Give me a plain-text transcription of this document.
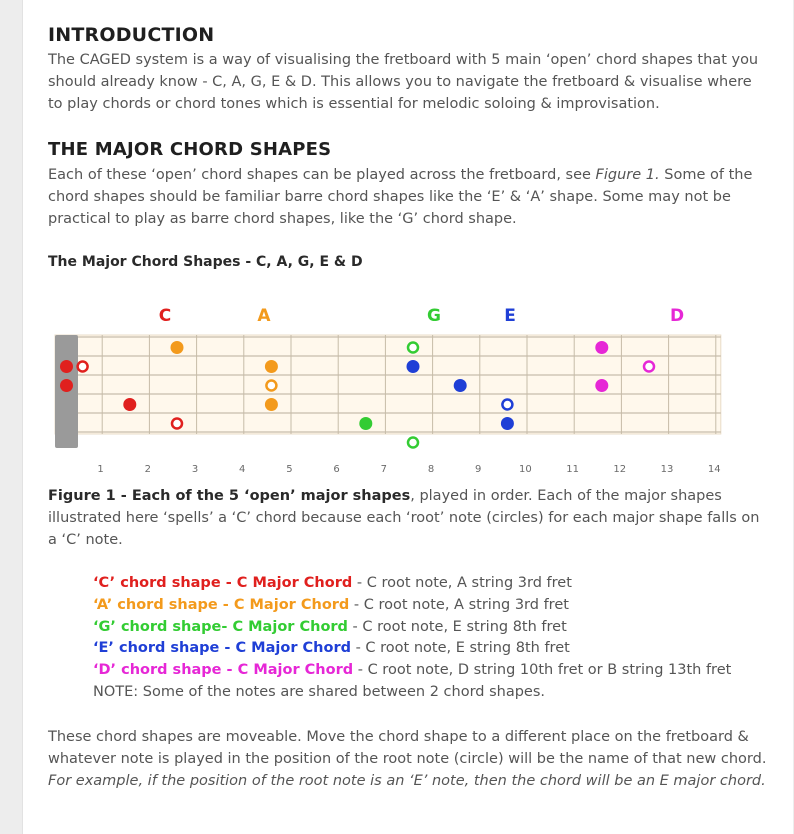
INTRODUCTION

The CAGED system is a way of visualising the fretboard with 5 main ‘open’ chord shapes that you should already know - C, A, G, E & D. This allows you to navigate the fretboard & visualise where to play chords or chord tones which is essential for melodic soloing & improvisation.

THE MAJOR CHORD SHAPES

Each of these ‘open’ chord shapes can be played across the fretboard, see Figure 1. Some of the chord shapes should be familiar barre chord shapes like the ‘E’ & ‘A’ shape. Some may not be practical to play as barre chord shapes, like the ‘G’ chord shape.

The Major Chord Shapes - C, A, G, E & D
C	A	G	E	D
1	2	3	4	5	6	7	8	9	10	11	12	13	14
Figure 1 - Each of the 5 ‘open’ major shapes, played in order. Each of the major shapes illustrated here ‘spells’ a ‘C’ chord because each ‘root’ note (circles) for each major shape falls on a ‘C’ note.
‘C’ chord shape - C Major Chord - C root note, A string 3rd fret
‘A’ chord shape - C Major Chord - C root note, A string 3rd fret
‘G’ chord shape- C Major Chord - C root note, E string 8th fret
‘E’ chord shape - C Major Chord - C root note, E string 8th fret
‘D’ chord shape - C Major Chord - C root note, D string 10th fret or B string 13th fret
NOTE: Some of the notes are shared between 2 chord shapes.
These chord shapes are moveable. Move the chord shape to a different place on the fretboard & whatever note is played in the position of the root note (circle) will be the name of that new chord. For example, if the position of the root note is an ‘E’ note, then the chord will be an E major chord.
